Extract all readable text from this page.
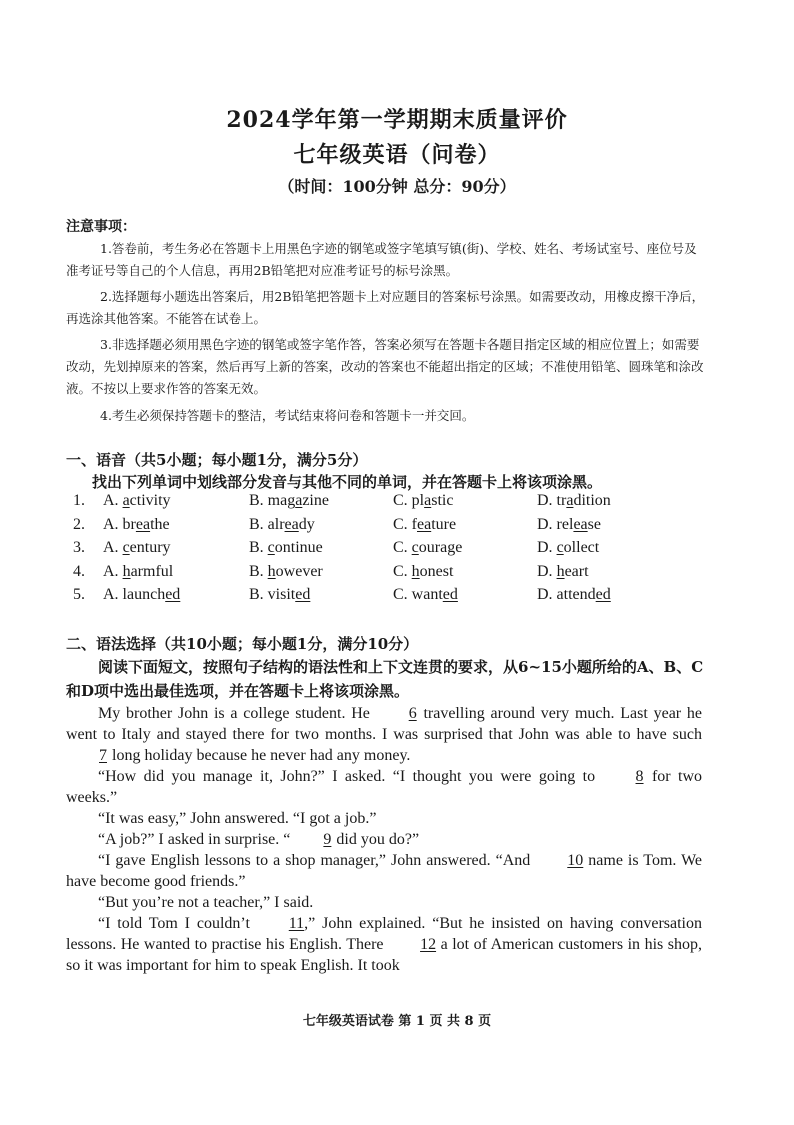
2024学年第一学期期末质量评价
七年级英语（问卷）
（时间：100分钟 总分：90分）
注意事项：
1.答卷前，考生务必在答题卡上用黑色字迹的钢笔或签字笔填写镇(街)、学校、姓名、考场试室号、座位号及准考证号等自己的个人信息，再用2B铅笔把对应准考证号的标号涂黑。
2.选择题每小题选出答案后，用2B铅笔把答题卡上对应题目的答案标号涂黑。如需要改动，用橡皮擦干净后，再选涂其他答案。不能答在试卷上。
3.非选择题必须用黑色字迹的钢笔或签字笔作答，答案必须写在答题卡各题目指定区域的相应位置上；如需要改动，先划掉原来的答案，然后再写上新的答案，改动的答案也不能超出指定的区域；不准使用铅笔、圆珠笔和涂改液。不按以上要求作答的答案无效。
4.考生必须保持答题卡的整洁，考试结束将问卷和答题卡一并交回。
一、语音（共5小题；每小题1分，满分5分）
找出下列单词中划线部分发音与其他不同的单词，并在答题卡上将该项涂黑。
1. A. activity	B. magazine	C. plastic	D. tradition
2. A. breathe	B. already	C. feature	D. release
3. A. century	B. continue	C. courage	D. collect
4. A. harmful	B. however	C. honest	D. heart
5. A. launched	B. visited	C. wanted	D. attended
二、语法选择（共10小题；每小题1分，满分10分）
阅读下面短文，按照句子结构的语法性和上下文连贯的要求，从6~15小题所给的A、B、C和D项中选出最佳选项，并在答题卡上将该项涂黑。

My brother John is a college student. He 6 travelling around very much. Last year he went to Italy and stayed there for two months. I was surprised that John was able to have such 7 long holiday because he never had any money.

“How did you manage it, John?” I asked. “I thought you were going to 8 for two weeks.”

“It was easy,” John answered. “I got a job.”

“A job?” I asked in surprise. “ 9 did you do?”

“I gave English lessons to a shop manager,” John answered. “And 10 name is Tom. We have become good friends.”

“But you’re not a teacher,” I said.

“I told Tom I couldn’t 11,” John explained. “But he insisted on having conversation lessons. He wanted to practise his English. There 12 a lot of American customers in his shop, so it was important for him to speak English. It took

七年级英语试卷 第 1 页 共 8 页
